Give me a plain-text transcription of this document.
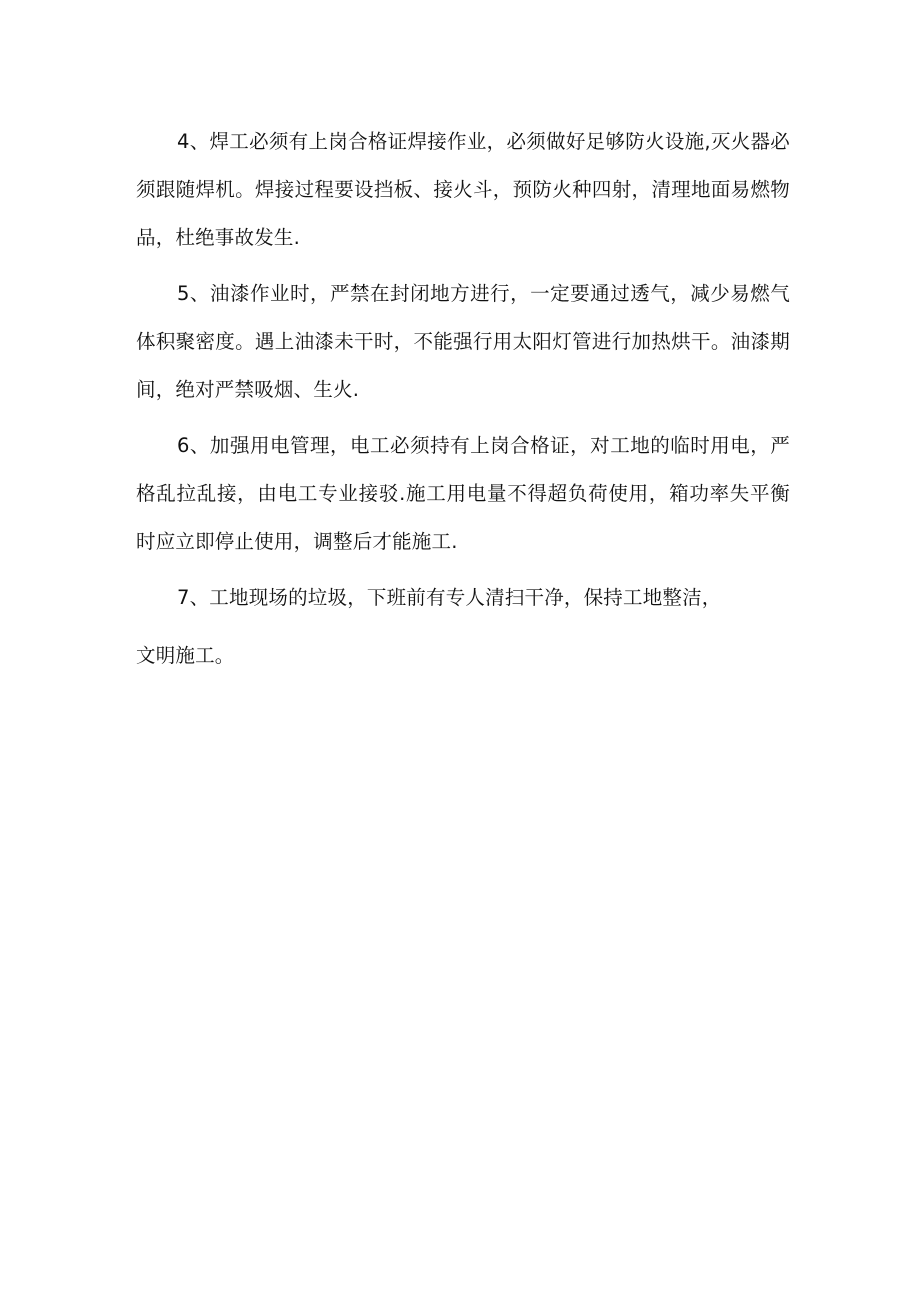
4、焊工必须有上岗合格证焊接作业，必须做好足够防火设施,灭火器必须跟随焊机。焊接过程要设挡板、接火斗，预防火种四射，清理地面易燃物品，杜绝事故发生.

5、油漆作业时，严禁在封闭地方进行，一定要通过透气，减少易燃气体积聚密度。遇上油漆未干时，不能强行用太阳灯管进行加热烘干。油漆期间，绝对严禁吸烟、生火.

6、加强用电管理，电工必须持有上岗合格证，对工地的临时用电，严格乱拉乱接，由电工专业接驳.施工用电量不得超负荷使用，箱功率失平衡时应立即停止使用，调整后才能施工.

7、工地现场的垃圾，下班前有专人清扫干净，保持工地整洁，

文明施工。
